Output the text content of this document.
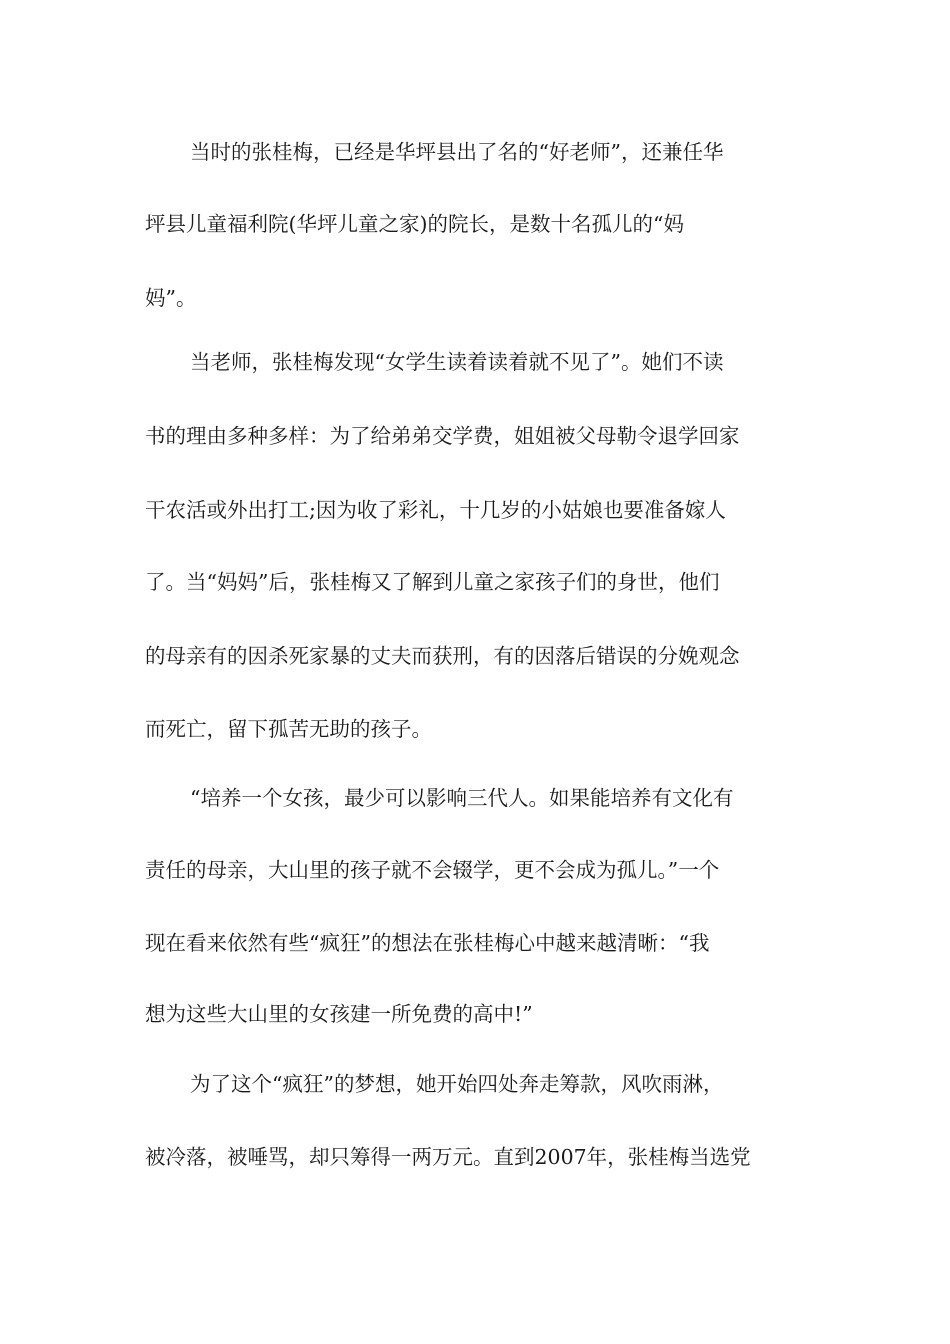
当时的张桂梅，已经是华坪县出了名的“好老师”，还兼任华
坪县儿童福利院(华坪儿童之家)的院长，是数十名孤儿的“妈
妈”。
当老师，张桂梅发现“女学生读着读着就不见了”。她们不读
书的理由多种多样：为了给弟弟交学费，姐姐被父母勒令退学回家
干农活或外出打工;因为收了彩礼，十几岁的小姑娘也要准备嫁人
了。当“妈妈”后，张桂梅又了解到儿童之家孩子们的身世，他们
的母亲有的因杀死家暴的丈夫而获刑，有的因落后错误的分娩观念
而死亡，留下孤苦无助的孩子。
“培养一个女孩，最少可以影响三代人。如果能培养有文化有
责任的母亲，大山里的孩子就不会辍学，更不会成为孤儿。”一个
现在看来依然有些“疯狂”的想法在张桂梅心中越来越清晰：“我
想为这些大山里的女孩建一所免费的高中!”
为了这个“疯狂”的梦想，她开始四处奔走筹款，风吹雨淋，
被冷落，被唾骂，却只筹得一两万元。直到2007年，张桂梅当选党
